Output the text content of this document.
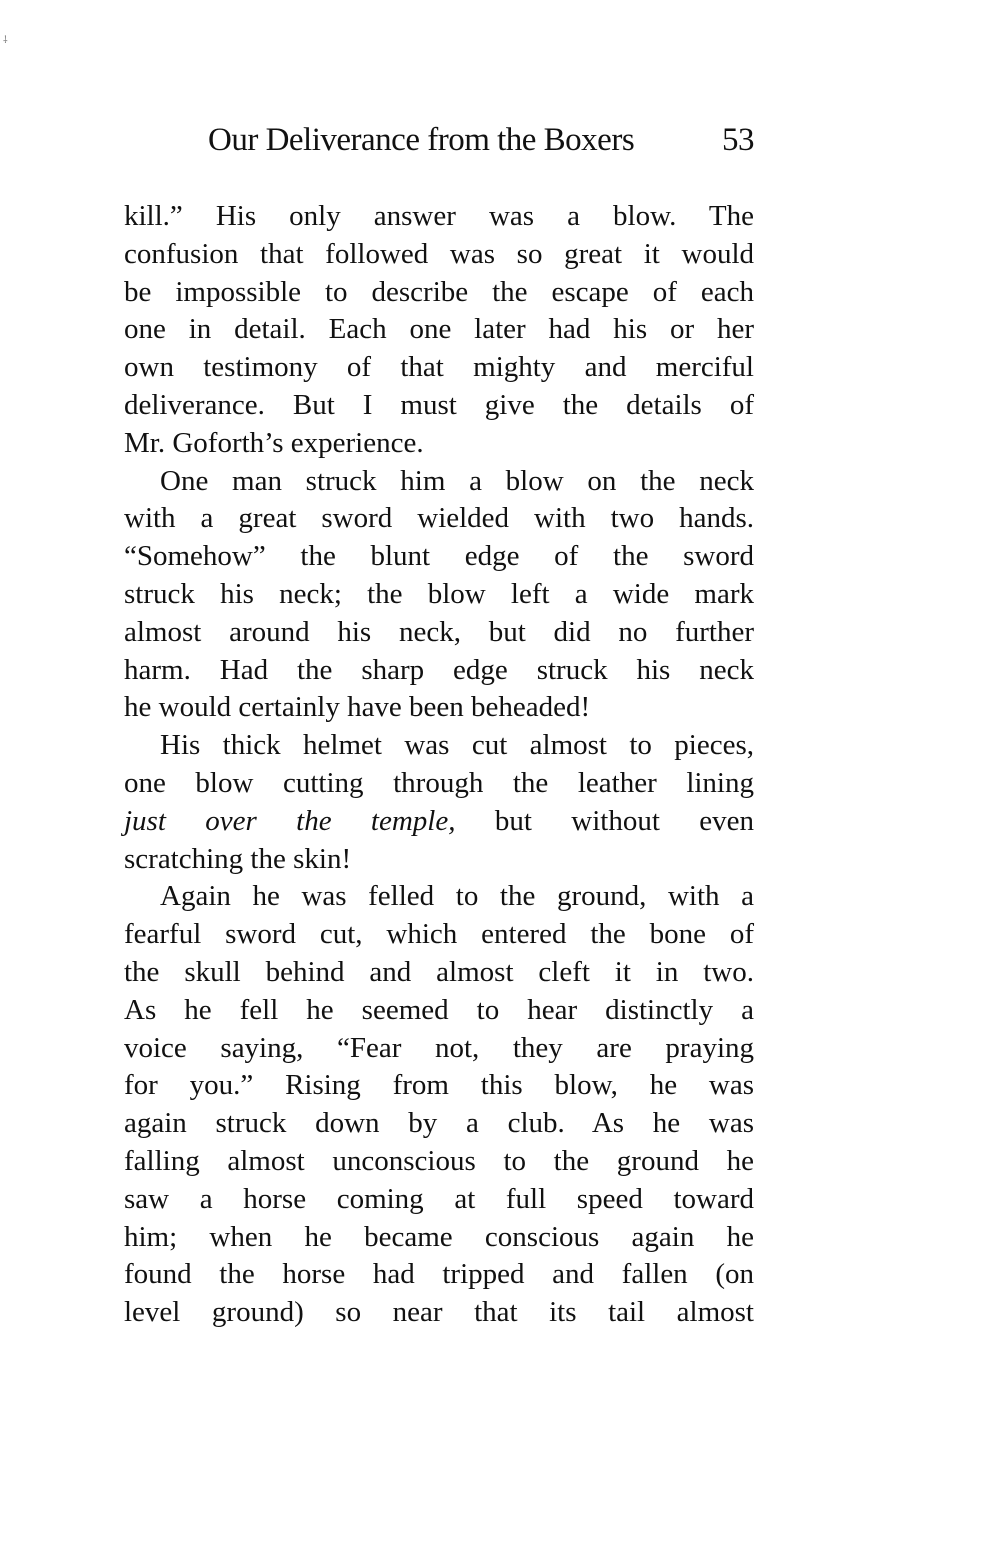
⸸
Our Deliverance from the Boxers	53
kill.” His only answer was a blow. The
confusion that followed was so great it would
be impossible to describe the escape of each
one in detail. Each one later had his or her
own testimony of that mighty and merciful
deliverance. But I must give the details of
Mr. Goforth’s experience.
One man struck him a blow on the neck
with a great sword wielded with two hands.
“Somehow” the blunt edge of the sword
struck his neck; the blow left a wide mark
almost around his neck, but did no further
harm. Had the sharp edge struck his neck
he would certainly have been beheaded!
His thick helmet was cut almost to pieces,
one blow cutting through the leather lining
just over the temple, but without even
scratching the skin!
Again he was felled to the ground, with a
fearful sword cut, which entered the bone of
the skull behind and almost cleft it in two.
As he fell he seemed to hear distinctly a
voice saying, “Fear not, they are praying
for you.” Rising from this blow, he was
again struck down by a club. As he was
falling almost unconscious to the ground he
saw a horse coming at full speed toward
him; when he became conscious again he
found the horse had tripped and fallen (on
level ground) so near that its tail almost
